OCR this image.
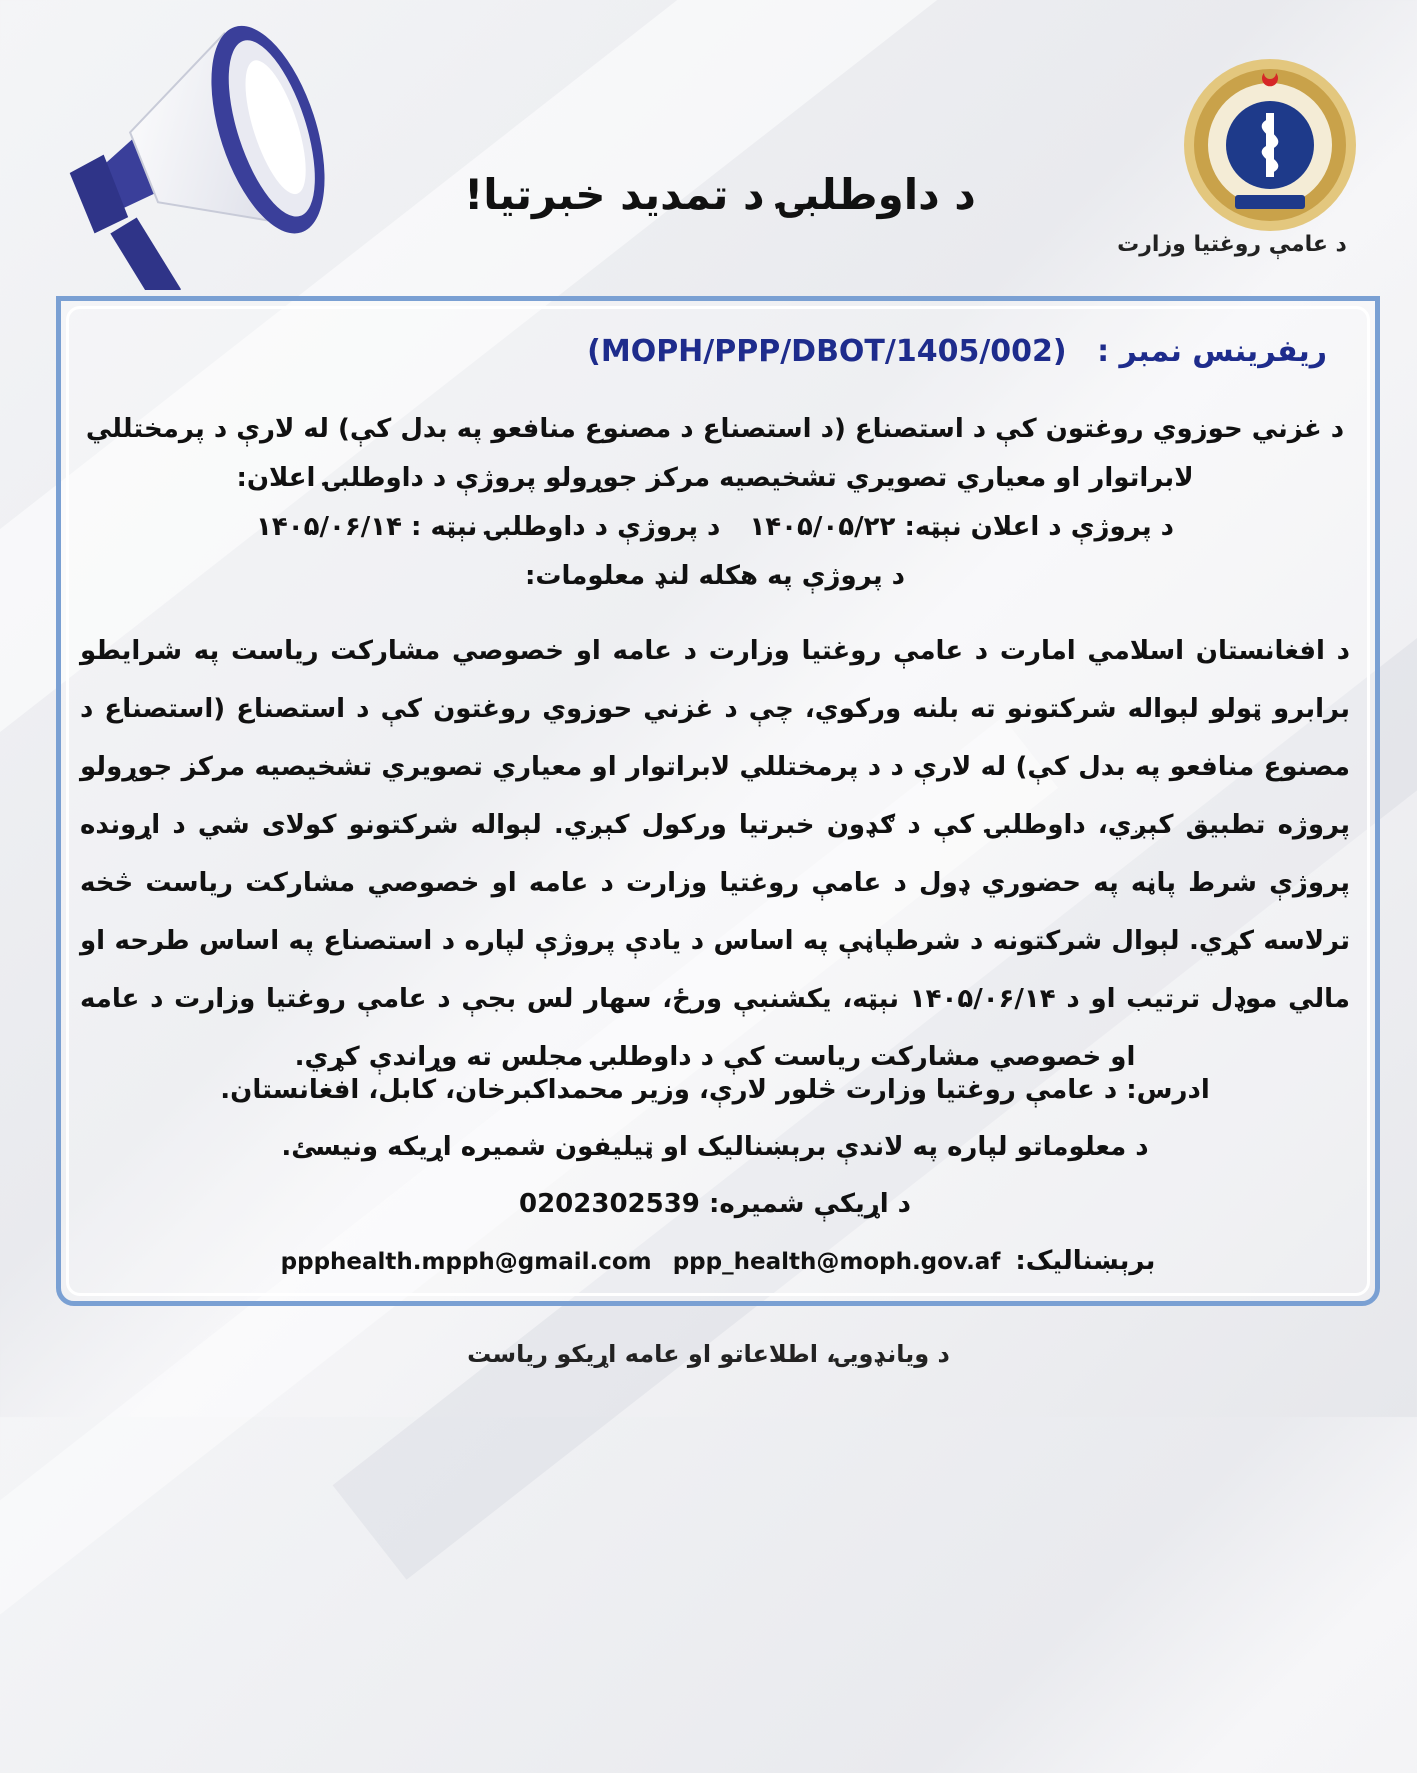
د داوطلبۍ د تمدید خبرتیا!
د عامې روغتیا وزارت
ريفرينس نمبر : (MOPH/PPP/DBOT/1405/002)

د غزني حوزوي روغتون کې د استصناع (د استصناع د مصنوع منافعو په بدل کې) له لارې د پرمختللي

لابراتوار او معياري تصويري تشخيصيه مرکز جوړولو پروژې د داوطلبۍ اعلان:

د پروژې د اعلان نېټه: ۱۴۰۵/۰۵/۲۲ د پروژې د داوطلبۍ نېټه : ۱۴۰۵/۰۶/۱۴

د پروژې په هکله لنډ معلومات:

د افغانستان اسلامي امارت د عامې روغتيا وزارت د عامه او خصوصي مشارکت رياست په شرايطو برابرو ټولو لېواله شرکتونو ته بلنه ورکوي، چې د غزني حوزوي روغتون کې د استصناع (استصناع د مصنوع منافعو په بدل کې) له لارې د د پرمختللي لابراتوار او معياري تصويري تشخيصيه مرکز جوړولو پروژه تطبيق کېږي، داوطلبۍ کې د ګډون خبرتيا ورکول کېږي. لېواله شرکتونو کولای شي د اړونده پروژې شرط پاڼه په حضوري ډول د عامې روغتيا وزارت د عامه او خصوصي مشارکت رياست څخه ترلاسه کړي. لېوال شرکتونه د شرطپاڼې په اساس د يادې پروژې لپاره د استصناع په اساس طرحه او مالي موډل ترتيب او د ۱۴۰۵/۰۶/۱۴ نېټه، يکشنبې ورځ، سهار لس بجې د عامې روغتيا وزارت د عامه او خصوصي مشارکت رياست کې د داوطلبۍ مجلس ته وړاندې کړي.

ادرس: د عامې روغتيا وزارت څلور لارې، وزير محمداکبرخان، کابل، افغانستان.

د معلوماتو لپاره په لاندې برېښناليک او ټيليفون شميره اړيکه ونيسئ.

د اړيکې شميره: 0202302539

برېښناليک: ppp_health@moph.gov.af ppphealth.mpph@gmail.com

د ويانډويۍ، اطلاعاتو او عامه اړيکو رياست
